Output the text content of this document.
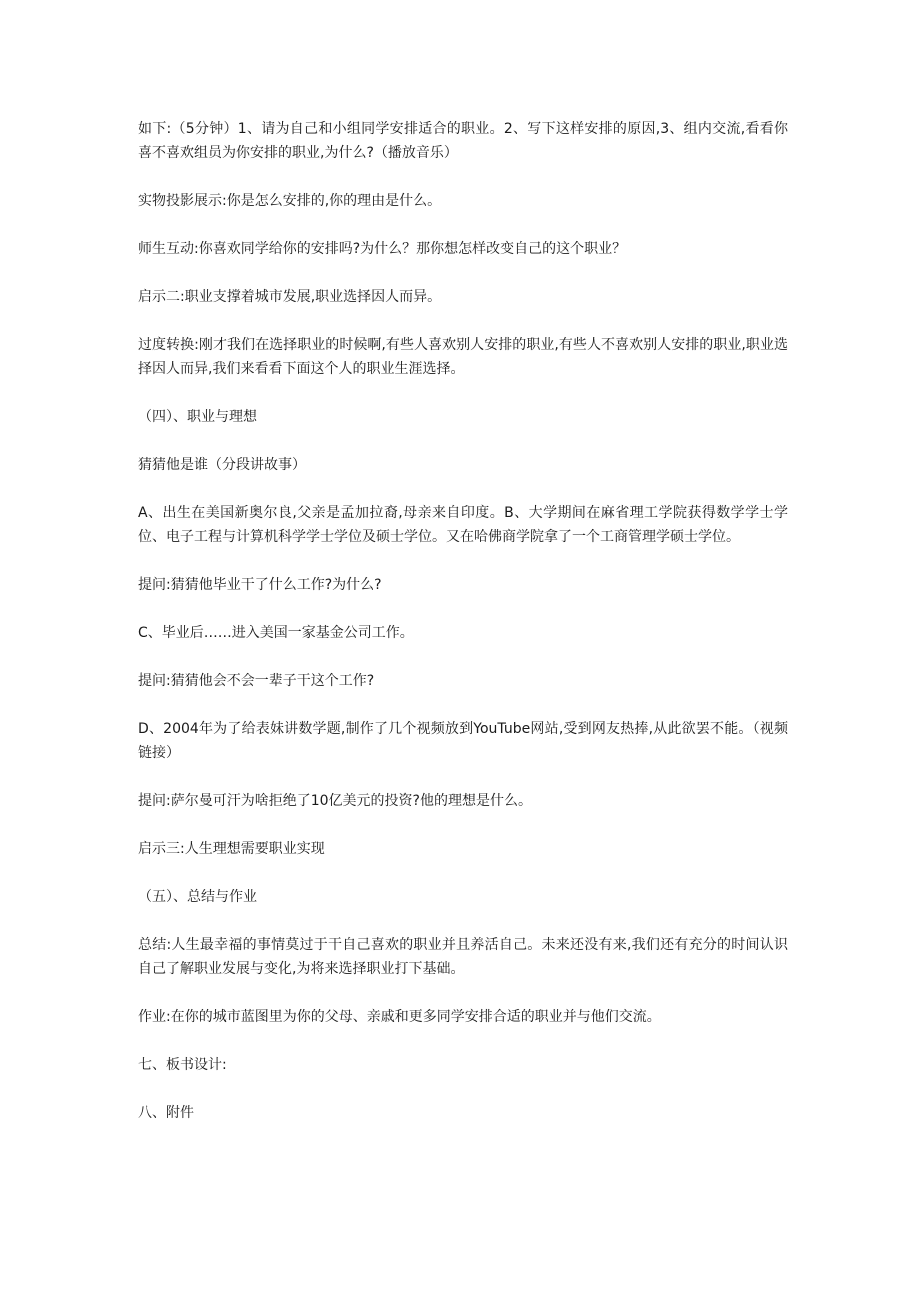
如下:（5分钟）1、请为自己和小组同学安排适合的职业。2、写下这样安排的原因,3、组内交流,看看你喜不喜欢组员为你安排的职业,为什么?（播放音乐）

实物投影展示:你是怎么安排的,你的理由是什么。

师生互动:你喜欢同学给你的安排吗?为什么？那你想怎样改变自己的这个职业？

启示二:职业支撑着城市发展,职业选择因人而异。

过度转换:刚才我们在选择职业的时候啊,有些人喜欢别人安排的职业,有些人不喜欢别人安排的职业,职业选择因人而异,我们来看看下面这个人的职业生涯选择。

（四）、职业与理想

猜猜他是谁（分段讲故事）

A、出生在美国新奥尔良,父亲是孟加拉裔,母亲来自印度。B、大学期间在麻省理工学院获得数学学士学位、电子工程与计算机科学学士学位及硕士学位。又在哈佛商学院拿了一个工商管理学硕士学位。

提问:猜猜他毕业干了什么工作?为什么?

C、毕业后……进入美国一家基金公司工作。

提问:猜猜他会不会一辈子干这个工作?

D、2004年为了给表妹讲数学题,制作了几个视频放到YouTube网站,受到网友热捧,从此欲罢不能。（视频链接）

提问:萨尔曼可汗为啥拒绝了10亿美元的投资?他的理想是什么。

启示三:人生理想需要职业实现

（五）、总结与作业

总结:人生最幸福的事情莫过于干自己喜欢的职业并且养活自己。未来还没有来,我们还有充分的时间认识自己了解职业发展与变化,为将来选择职业打下基础。

作业:在你的城市蓝图里为你的父母、亲戚和更多同学安排合适的职业并与他们交流。

七、板书设计:

八、附件
